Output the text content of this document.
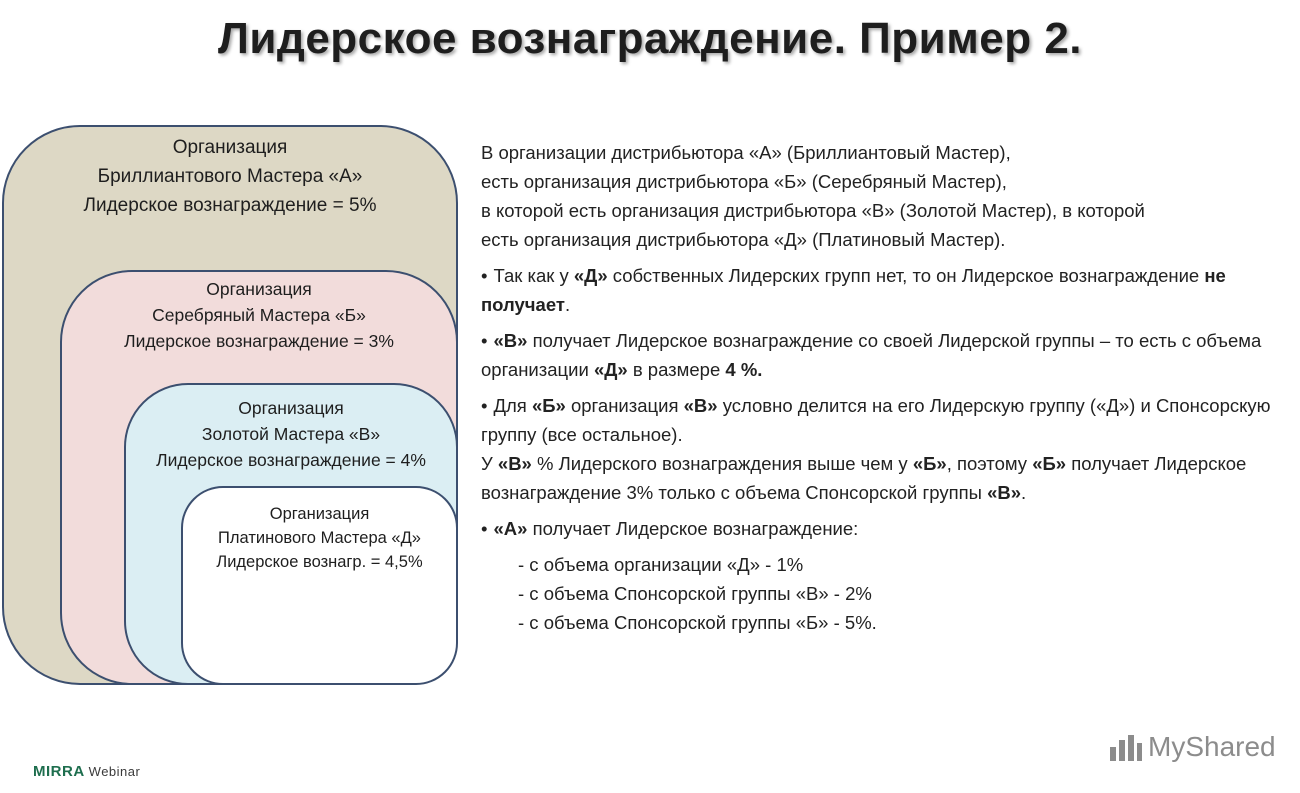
Лидерское вознаграждение. Пример 2.
Организация
Бриллиантового Мастера «А»
Лидерское вознаграждение = 5%
Организация
Серебряный Мастера «Б»
Лидерское вознаграждение = 3%
Организация
Золотой Мастера «В»
Лидерское вознаграждение = 4%
Организация
Платинового Мастера «Д»
Лидерское вознагр. = 4,5%

В организации дистрибьютора «А» (Бриллиантовый Мастер),
есть организация дистрибьютора «Б» (Серебряный Мастер),
в которой есть организация дистрибьютора «В» (Золотой Мастер), в которой
есть организация дистрибьютора «Д» (Платиновый Мастер).

• Так как у «Д» собственных Лидерских групп нет, то он Лидерское вознаграждение не получает.

• «В» получает Лидерское вознаграждение со своей Лидерской группы – то есть с объема организации «Д» в размере 4 %.

• Для «Б» организация «В» условно делится на его Лидерскую группу («Д») и Спонсорскую группу (все остальное).
У «В» % Лидерского вознаграждения выше чем у «Б», поэтому «Б» получает Лидерское вознаграждение 3% только с объема Спонсорской группы «В».

• «А» получает Лидерское вознаграждение:

- с объема организации «Д» - 1%
- с объема Спонсорской группы «В» - 2%
- с объема Спонсорской группы «Б» - 5%.

MIRRA Webinar
MyShared
